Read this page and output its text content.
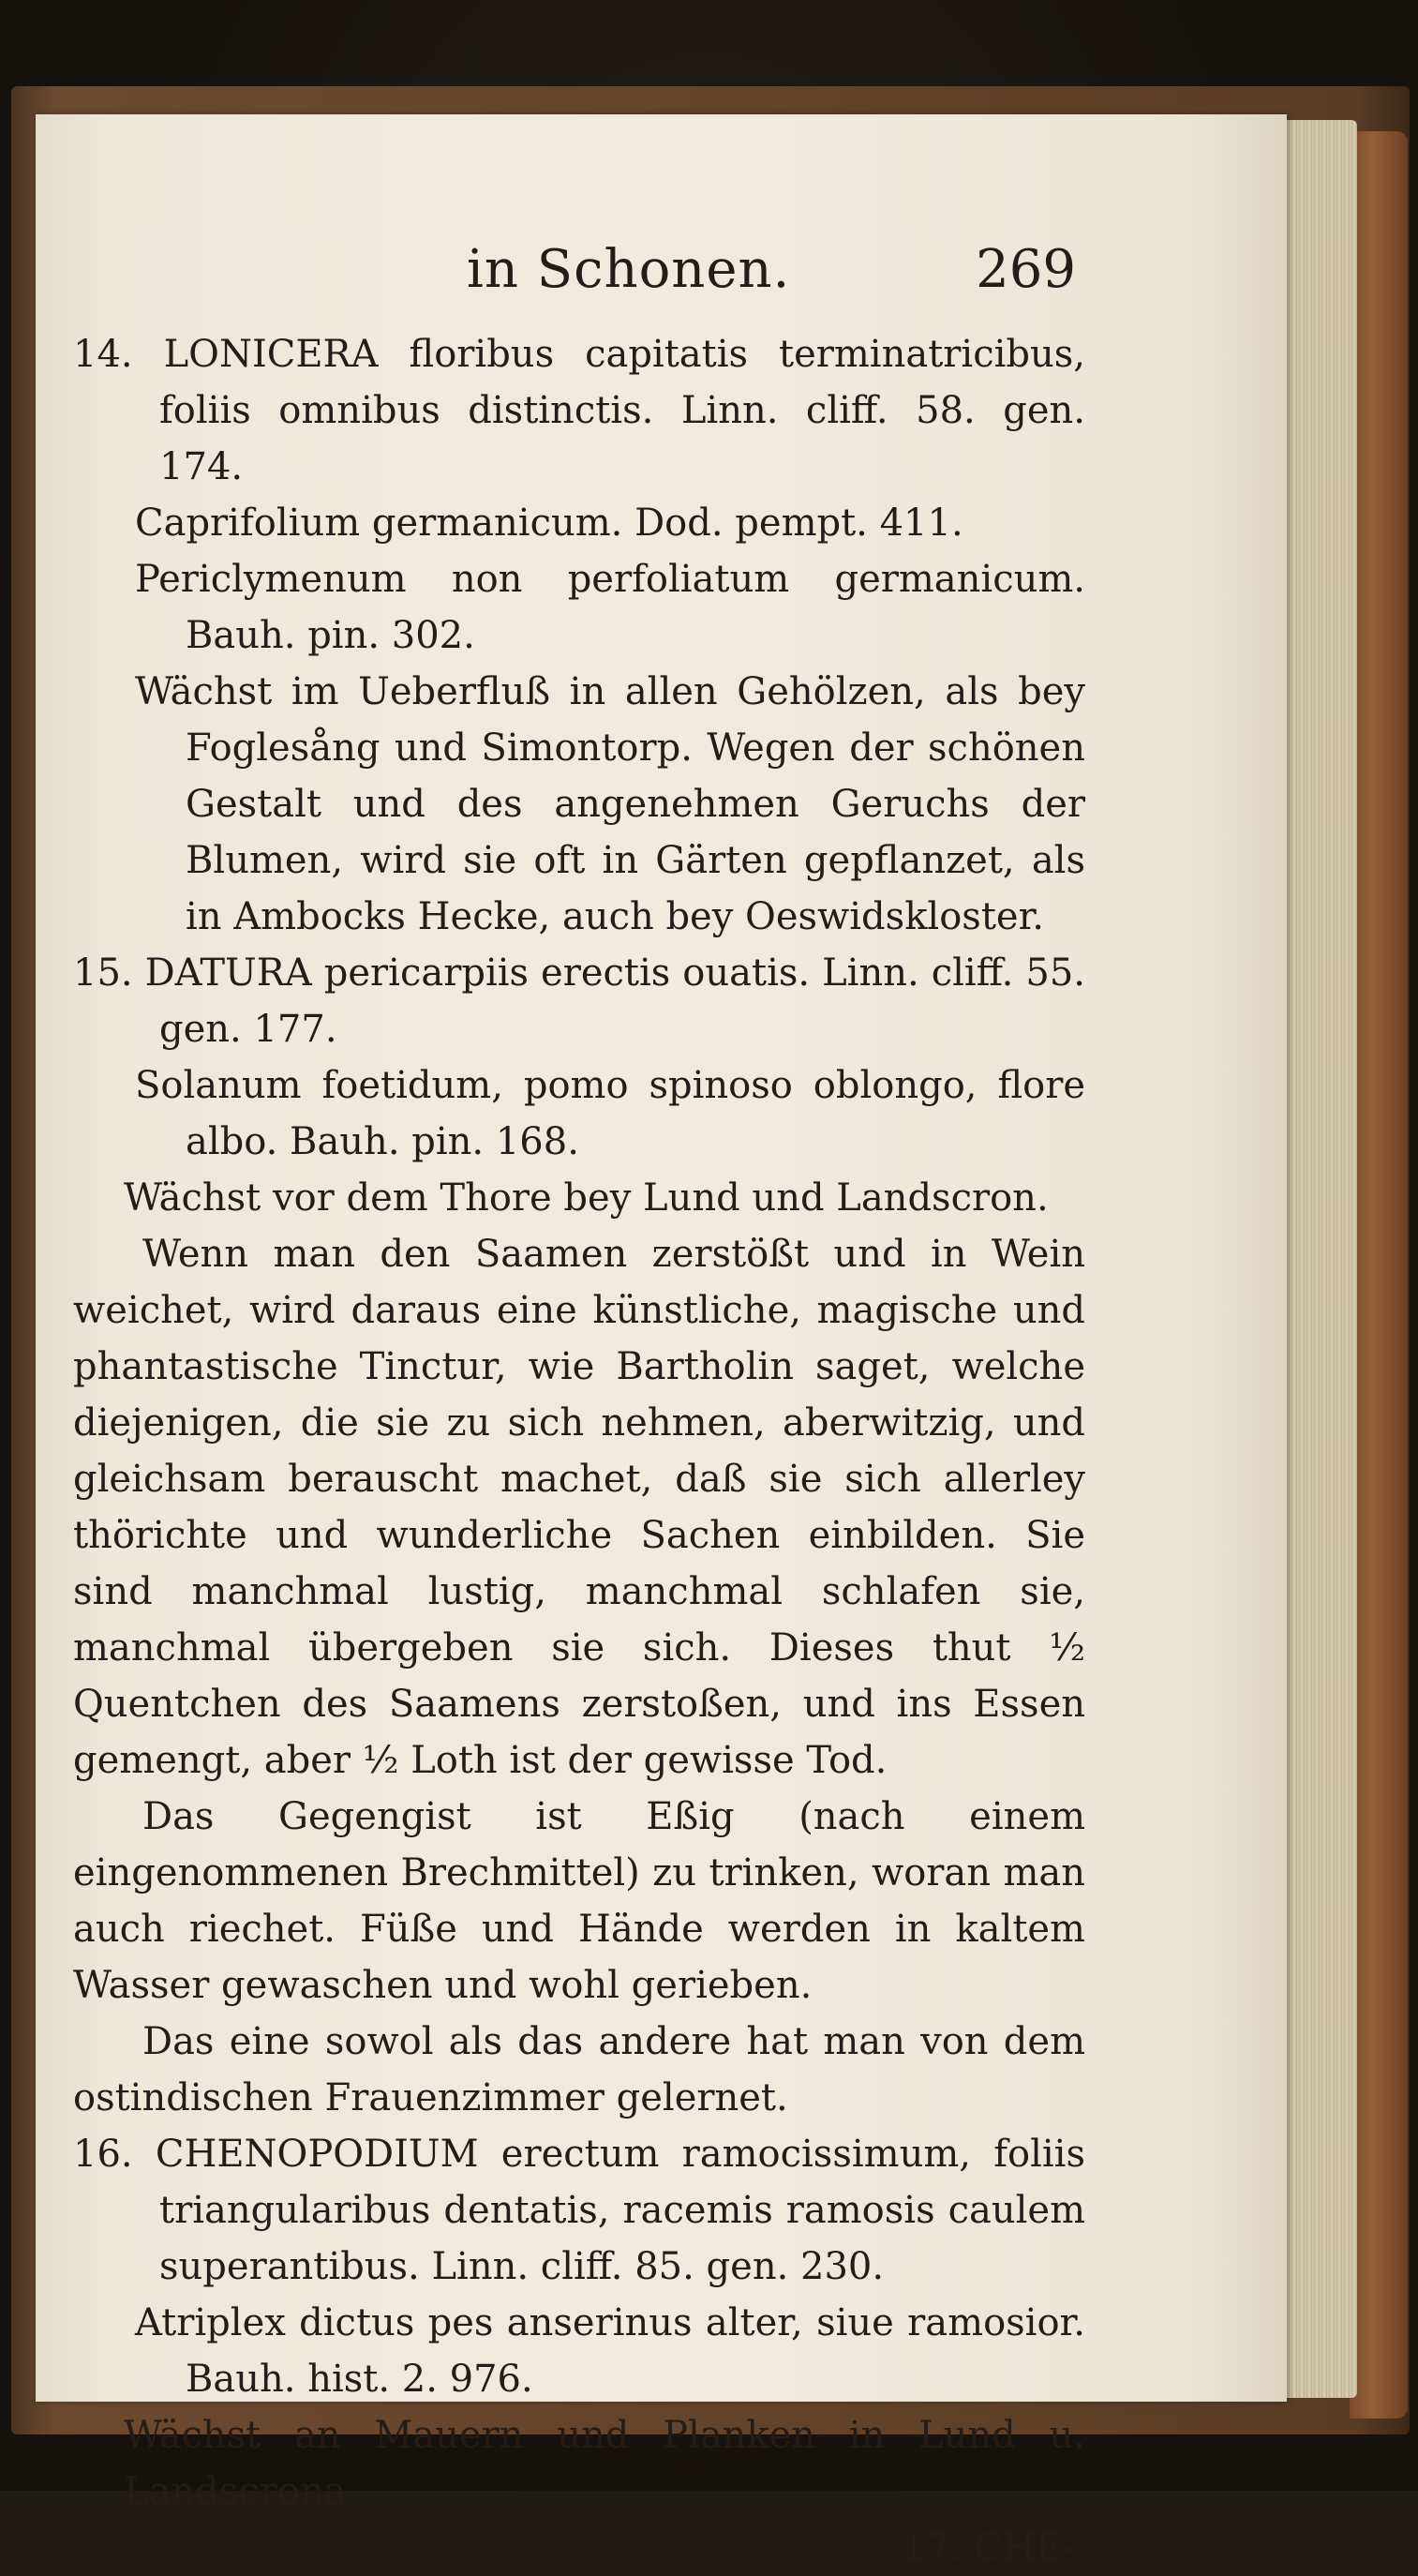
in Schonen.	269

14. LONICERA floribus capitatis terminatricibus, foliis omnibus distinctis. Linn. cliff. 58. gen. 174.

Caprifolium germanicum. Dod. pempt. 411.

Periclymenum non perfoliatum germanicum. Bauh. pin. 302.

Wächst im Ueberfluß in allen Gehölzen, als bey Foglesång und Simontorp. Wegen der schönen Gestalt und des angenehmen Geruchs der Blumen, wird sie oft in Gärten gepflanzet, als in Ambocks Hecke, auch bey Oeswidskloster.

15. DATURA pericarpiis erectis ouatis. Linn. cliff. 55. gen. 177.

Solanum foetidum, pomo spinoso oblongo, flore albo. Bauh. pin. 168.

Wächst vor dem Thore bey Lund und Landscron.

Wenn man den Saamen zerstößt und in Wein weichet, wird daraus eine künstliche, magische und phantastische Tinctur, wie Bartholin saget, welche diejenigen, die sie zu sich nehmen, aberwitzig, und gleichsam berauscht machet, daß sie sich allerley thörichte und wunderliche Sachen einbilden. Sie sind manchmal lustig, manchmal schlafen sie, manchmal übergeben sie sich. Dieses thut ½ Quentchen des Saamens zerstoßen, und ins Essen gemengt, aber ½ Loth ist der gewisse Tod.

Das Gegengist ist Eßig (nach einem eingenommenen Brechmittel) zu trinken, woran man auch riechet. Füße und Hände werden in kaltem Wasser gewaschen und wohl gerieben.

Das eine sowol als das andere hat man von dem ostindischen Frauenzimmer gelernet.

16. CHENOPODIUM erectum ramocissimum, foliis triangularibus dentatis, racemis ramosis caulem superantibus. Linn. cliff. 85. gen. 230.

Atriplex dictus pes anserinus alter, siue ramosior. Bauh. hist. 2. 976.

Wächst an Mauern und Planken in Lund u. Landscrona.

17. CHE-
